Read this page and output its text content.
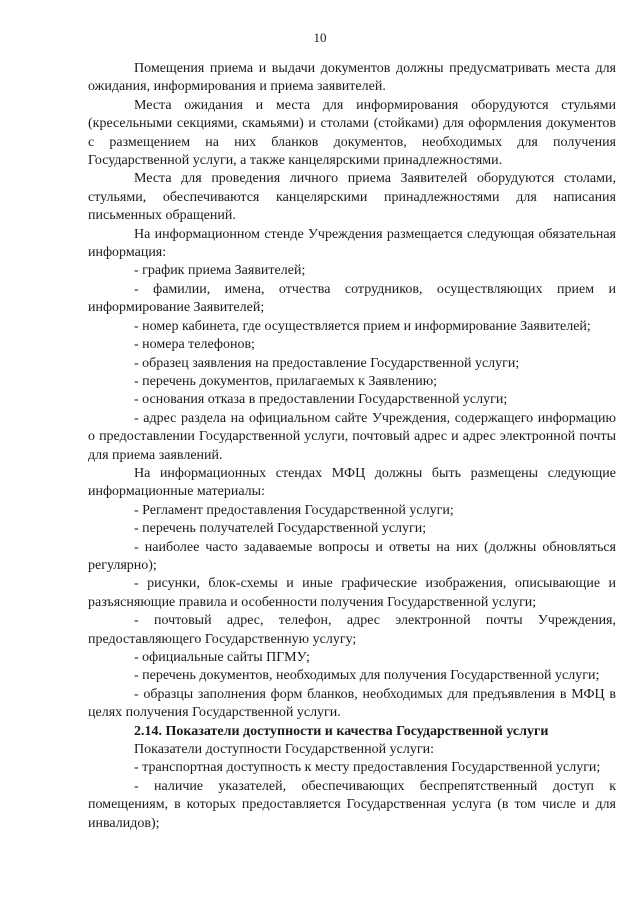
10

Помещения приема и выдачи документов должны предусматривать места для ожидания, информирования и приема заявителей.

Места ожидания и места для информирования оборудуются стульями (кресельными секциями, скамьями) и столами (стойками) для оформления документов с размещением на них бланков документов, необходимых для получения Государственной услуги, а также канцелярскими принадлежностями.

Места для проведения личного приема Заявителей оборудуются столами, стульями, обеспечиваются канцелярскими принадлежностями для написания письменных обращений.

На информационном стенде Учреждения размещается следующая обязательная информация:

- график приема Заявителей;

- фамилии, имена, отчества сотрудников, осуществляющих прием и информирование Заявителей;

- номер кабинета, где осуществляется прием и информирование Заявителей;

- номера телефонов;

- образец заявления на предоставление Государственной услуги;

- перечень документов, прилагаемых к Заявлению;

- основания отказа в предоставлении Государственной услуги;

- адрес раздела на официальном сайте Учреждения, содержащего информацию о предоставлении Государственной услуги, почтовый адрес и адрес электронной почты для приема заявлений.

На информационных стендах МФЦ должны быть размещены следующие информационные материалы:

- Регламент предоставления Государственной услуги;

- перечень получателей Государственной услуги;

- наиболее часто задаваемые вопросы и ответы на них (должны обновляться регулярно);

- рисунки, блок-схемы и иные графические изображения, описывающие и разъясняющие правила и особенности получения Государственной услуги;

- почтовый адрес, телефон, адрес электронной почты Учреждения, предоставляющего Государственную услугу;

- официальные сайты ПГМУ;

- перечень документов, необходимых для получения Государственной услуги;

- образцы заполнения форм бланков, необходимых для предъявления в МФЦ в целях получения Государственной услуги.

2.14. Показатели доступности и качества Государственной услуги

Показатели доступности Государственной услуги:

- транспортная доступность к месту предоставления Государственной услуги;

- наличие указателей, обеспечивающих беспрепятственный доступ к помещениям, в которых предоставляется Государственная услуга (в том числе и для инвалидов);
